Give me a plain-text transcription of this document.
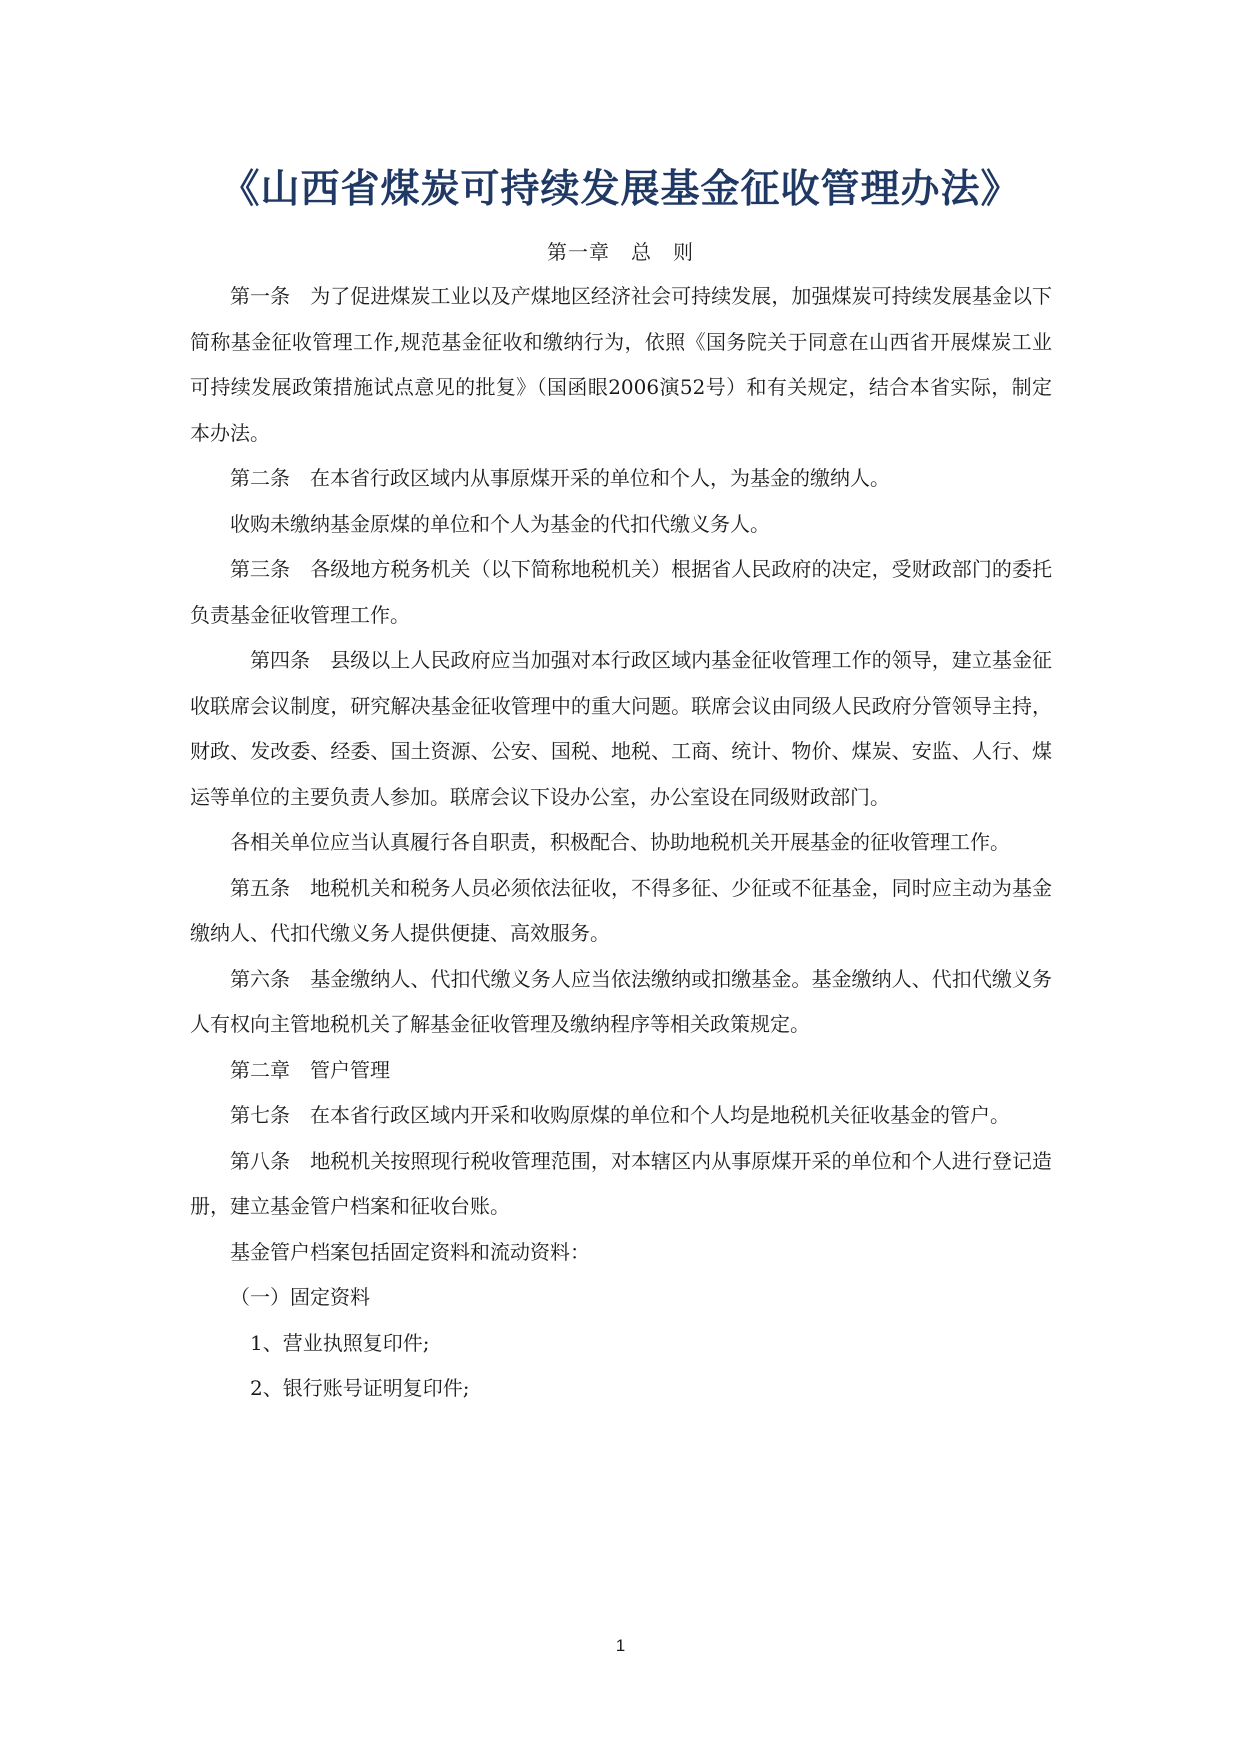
《山西省煤炭可持续发展基金征收管理办法》
第一章　总　则

第一条　为了促进煤炭工业以及产煤地区经济社会可持续发展，加强煤炭可持续发展基金以下简称基金征收管理工作,规范基金征收和缴纳行为，依照《国务院关于同意在山西省开展煤炭工业可持续发展政策措施试点意见的批复》（国函眼2006演52号）和有关规定，结合本省实际，制定本办法。

第二条　在本省行政区域内从事原煤开采的单位和个人，为基金的缴纳人。

收购未缴纳基金原煤的单位和个人为基金的代扣代缴义务人。

第三条　各级地方税务机关（以下简称地税机关）根据省人民政府的决定，受财政部门的委托负责基金征收管理工作。

第四条　县级以上人民政府应当加强对本行政区域内基金征收管理工作的领导，建立基金征收联席会议制度，研究解决基金征收管理中的重大问题。联席会议由同级人民政府分管领导主持，财政、发改委、经委、国土资源、公安、国税、地税、工商、统计、物价、煤炭、安监、人行、煤运等单位的主要负责人参加。联席会议下设办公室，办公室设在同级财政部门。

各相关单位应当认真履行各自职责，积极配合、协助地税机关开展基金的征收管理工作。

第五条　地税机关和税务人员必须依法征收，不得多征、少征或不征基金，同时应主动为基金缴纳人、代扣代缴义务人提供便捷、高效服务。

第六条　基金缴纳人、代扣代缴义务人应当依法缴纳或扣缴基金。基金缴纳人、代扣代缴义务人有权向主管地税机关了解基金征收管理及缴纳程序等相关政策规定。

第二章　管户管理

第七条　在本省行政区域内开采和收购原煤的单位和个人均是地税机关征收基金的管户。

第八条　地税机关按照现行税收管理范围，对本辖区内从事原煤开采的单位和个人进行登记造册，建立基金管户档案和征收台账。

基金管户档案包括固定资料和流动资料：

（一）固定资料

1、营业执照复印件;

2、银行账号证明复印件;

1
